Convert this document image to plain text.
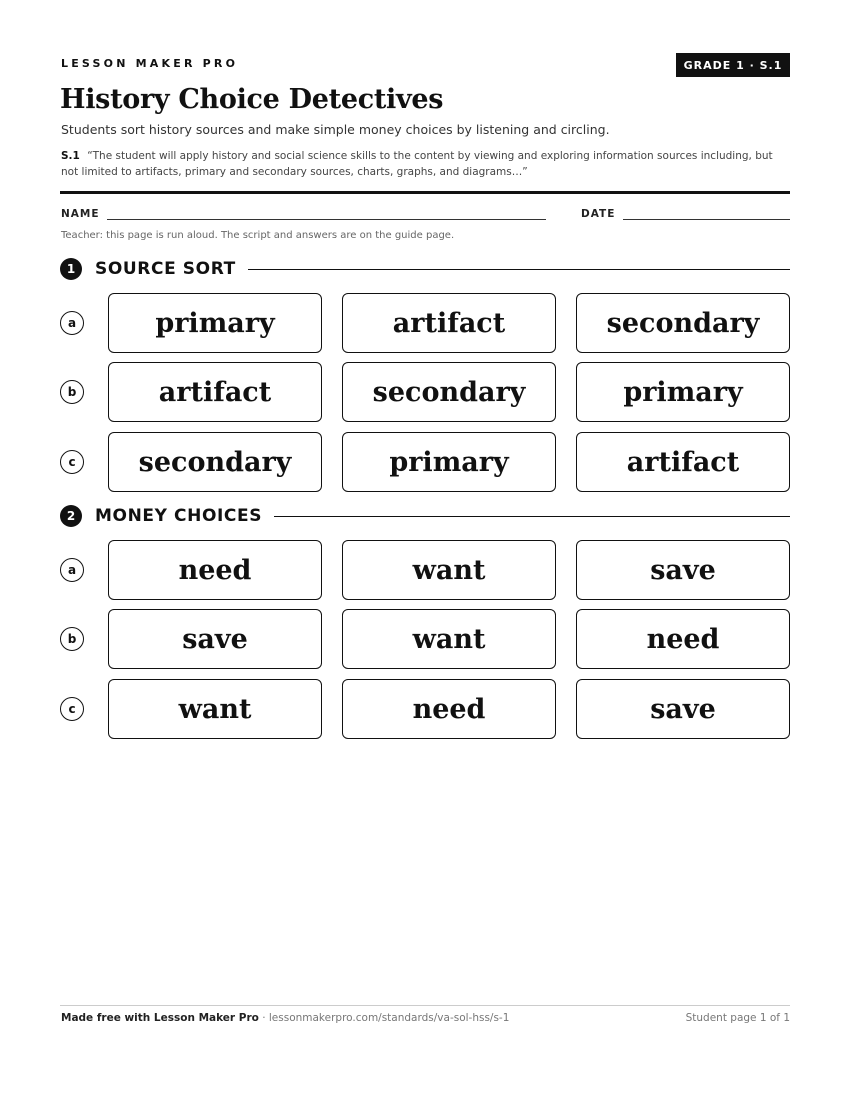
LESSON MAKER PRO	GRADE 1 · S.1
History Choice Detectives
Students sort history sources and make simple money choices by listening and circling.
S.1 “The student will apply history and social science skills to the content by viewing and exploring information sources including, but not limited to artifacts, primary and secondary sources, charts, graphs, and diagrams…”
NAME	DATE
Teacher: this page is run aloud. The script and answers are on the guide page.
1	SOURCE SORT
a	primary	artifact	secondary
b	artifact	secondary	primary
c	secondary	primary	artifact
2	MONEY CHOICES
a	need	want	save
b	save	want	need
c	want	need	save
Made free with Lesson Maker Pro · lessonmakerpro.com/standards/va-sol-hss/s-1	Student page 1 of 1
